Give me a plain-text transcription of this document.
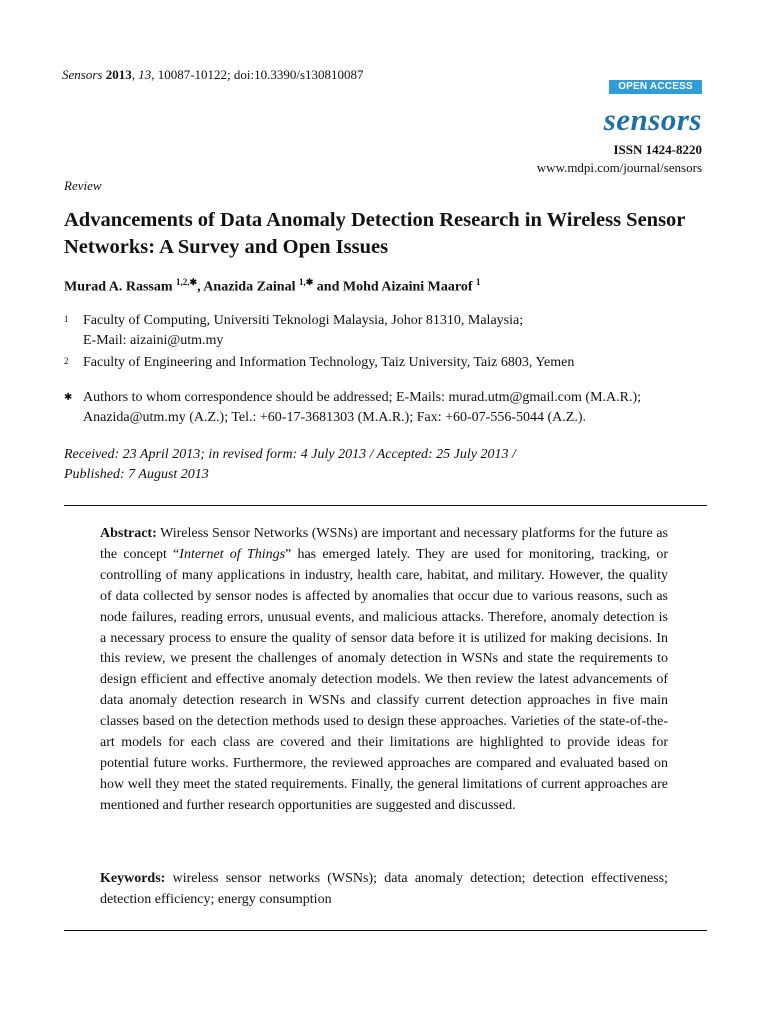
Sensors 2013, 13, 10087-10122; doi:10.3390/s130810087
OPEN ACCESS
sensors
ISSN 1424-8220
www.mdpi.com/journal/sensors
Review
Advancements of Data Anomaly Detection Research in Wireless Sensor Networks: A Survey and Open Issues
Murad A. Rassam $^{1,2,✱}$, Anazida Zainal $^{1,✱}$ and Mohd Aizaini Maarof $^1$
1 Faculty of Computing, Universiti Teknologi Malaysia, Johor 81310, Malaysia;
E-Mail: aizaini@utm.my
2 Faculty of Engineering and Information Technology, Taiz University, Taiz 6803, Yemen
✱ Authors to whom correspondence should be addressed; E-Mails: murad.utm@gmail.com (M.A.R.);
Anazida@utm.my (A.Z.); Tel.: +60-17-3681303 (M.A.R.); Fax: +60-07-556-5044 (A.Z.).
Received: 23 April 2013; in revised form: 4 July 2013 / Accepted: 25 July 2013 /
Published: 7 August 2013
Abstract: Wireless Sensor Networks (WSNs) are important and necessary platforms for the future as the concept “Internet of Things” has emerged lately. They are used for monitoring, tracking, or controlling of many applications in industry, health care, habitat, and military. However, the quality of data collected by sensor nodes is affected by anomalies that occur due to various reasons, such as node failures, reading errors, unusual events, and malicious attacks. Therefore, anomaly detection is a necessary process to ensure the quality of sensor data before it is utilized for making decisions. In this review, we present the challenges of anomaly detection in WSNs and state the requirements to design efficient and effective anomaly detection models. We then review the latest advancements of data anomaly detection research in WSNs and classify current detection approaches in five main classes based on the detection methods used to design these approaches. Varieties of the state-of-the-art models for each class are covered and their limitations are highlighted to provide ideas for potential future works. Furthermore, the reviewed approaches are compared and evaluated based on how well they meet the stated requirements. Finally, the general limitations of current approaches are mentioned and further research opportunities are suggested and discussed.
Keywords: wireless sensor networks (WSNs); data anomaly detection; detection effectiveness; detection efficiency; energy consumption
